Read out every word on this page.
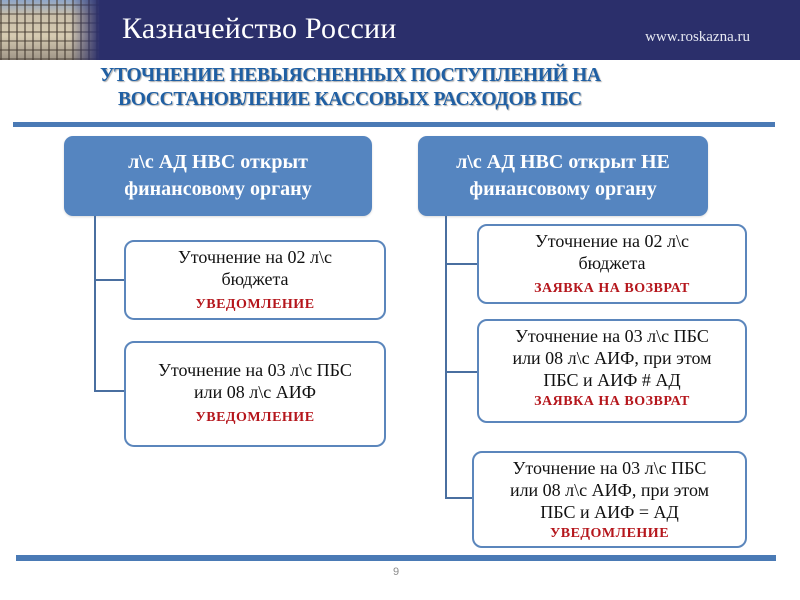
Казначейство России	www.roskazna.ru
УТОЧНЕНИЕ НЕВЫЯСНЕННЫХ ПОСТУПЛЕНИЙ НА
ВОССТАНОВЛЕНИЕ КАССОВЫХ РАСХОДОВ ПБС
л\с АД НВС открыт
финансовому органу
Уточнение на 02 л\с
бюджета
УВЕДОМЛЕНИЕ
Уточнение на 03 л\с ПБС
или 08 л\с АИФ
УВЕДОМЛЕНИЕ
л\с АД НВС открыт НЕ
финансовому органу
Уточнение на 02 л\с
бюджета
ЗАЯВКА НА ВОЗВРАТ
Уточнение на 03 л\с ПБС
или 08 л\с АИФ, при этом
ПБС и АИФ # АД
ЗАЯВКА НА ВОЗВРАТ
Уточнение на 03 л\с ПБС
или 08 л\с АИФ, при этом
ПБС и АИФ = АД
УВЕДОМЛЕНИЕ
9
